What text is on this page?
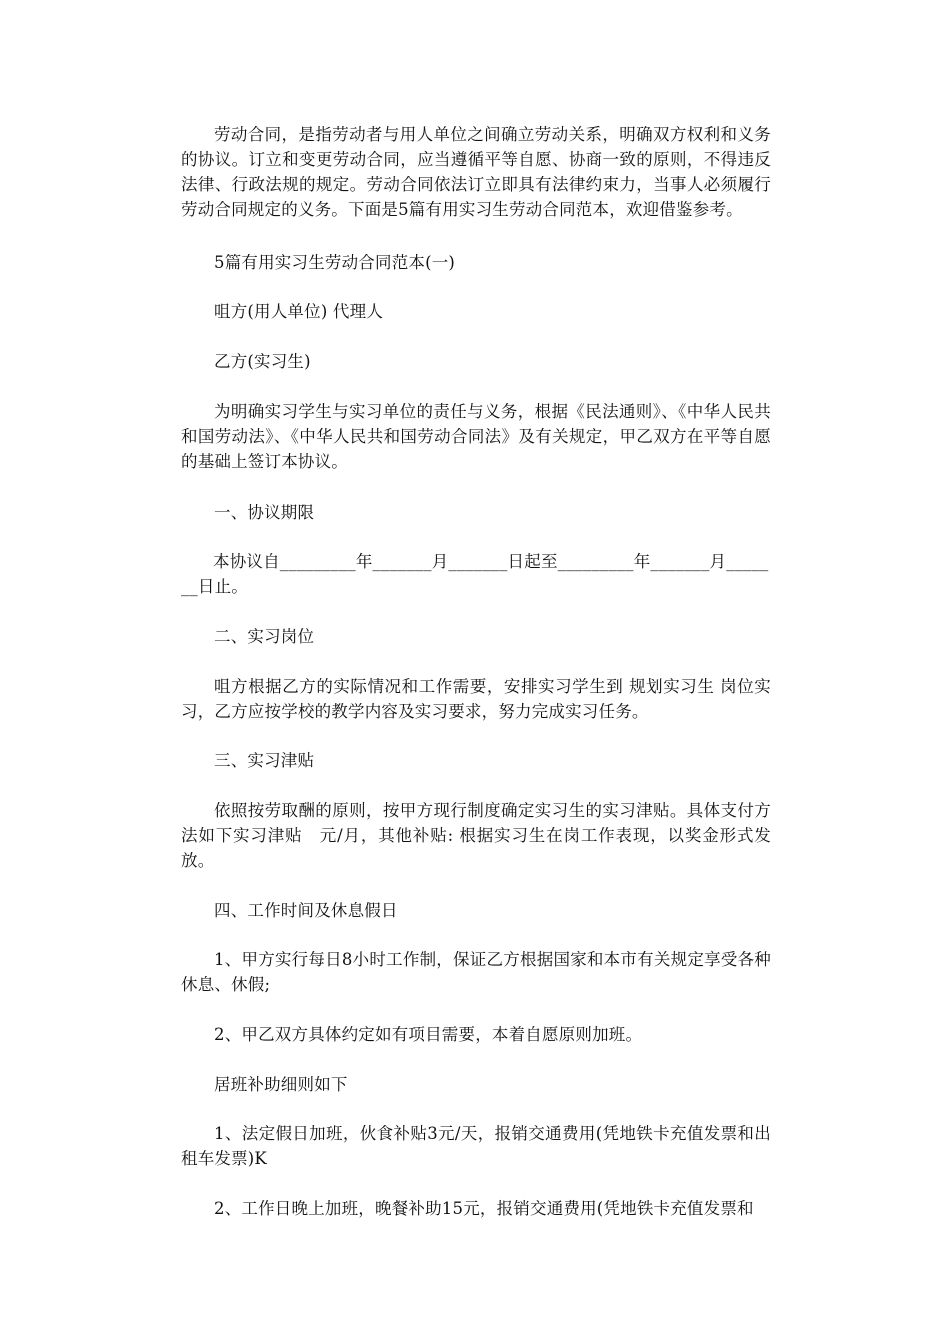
劳动合同，是指劳动者与用人单位之间确立劳动关系，明确双方权利和义务的协议。订立和变更劳动合同，应当遵循平等自愿、协商一致的原则，不得违反法律、行政法规的规定。劳动合同依法订立即具有法律约束力，当事人必须履行劳动合同规定的义务。下面是5篇有用实习生劳动合同范本，欢迎借鉴参考。
5篇有用实习生劳动合同范本(一)
咀方(用人单位) 代理人
乙方(实习生)
为明确实习学生与实习单位的责任与义务，根据《民法通则》、《中华人民共和国劳动法》、《中华人民共和国劳动合同法》及有关规定，甲乙双方在平等自愿的基础上签订本协议。
一、协议期限
本协议自_________年_______月_______日起至_________年_______月_____
__日止。
二、实习岗位
咀方根据乙方的实际情况和工作需要，安排实习学生到 规划实习生 岗位实习，乙方应按学校的教学内容及实习要求，努力完成实习任务。
三、实习津贴
依照按劳取酬的原则，按甲方现行制度确定实习生的实习津贴。具体支付方法如下实习津贴　元/月，其他补贴: 根据实习生在岗工作表现，以奖金形式发放。
四、工作时间及休息假日
1、甲方实行每日8小时工作制，保证乙方根据国家和本市有关规定享受各种休息、休假;
2、甲乙双方具体约定如有项目需要，本着自愿原则加班。
居班补助细则如下
1、法定假日加班，伙食补贴3元/天，报销交通费用(凭地铁卡充值发票和出租车发票)K
2、工作日晚上加班，晚餐补助15元，报销交通费用(凭地铁卡充值发票和
